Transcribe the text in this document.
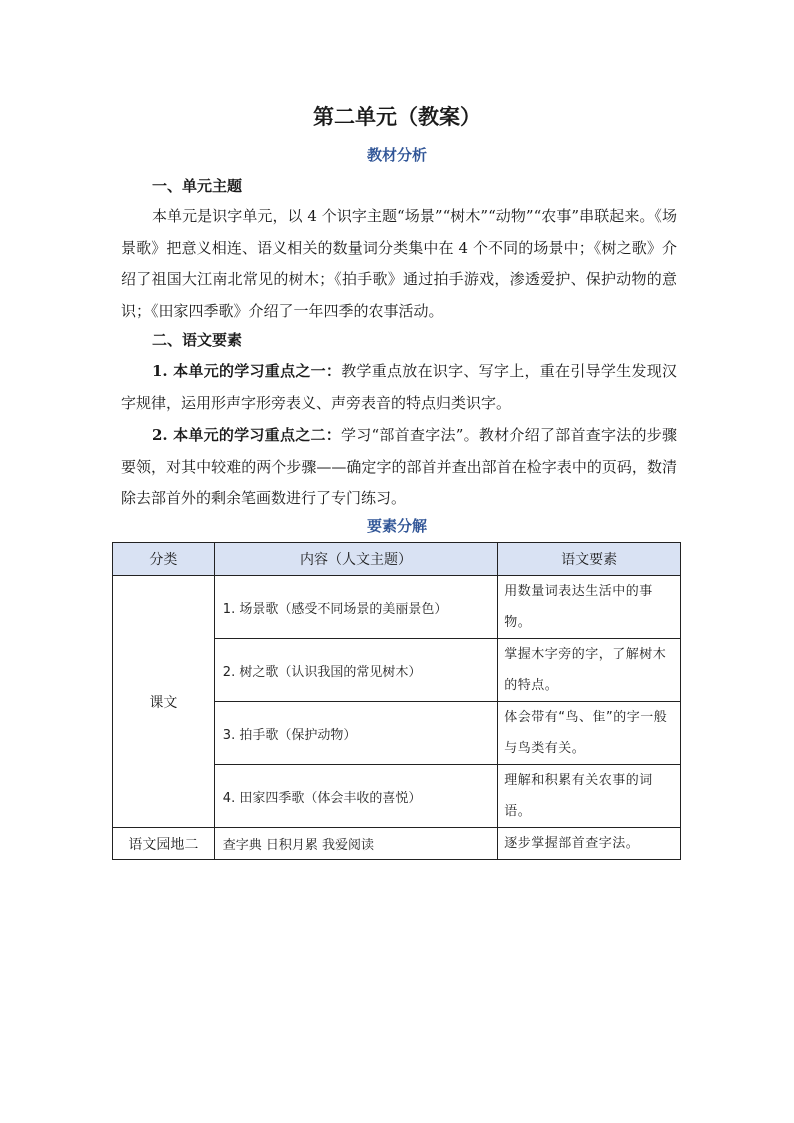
第二单元（教案）
教材分析
一、单元主题

本单元是识字单元，以 4 个识字主题“场景”“树木”“动物”“农事”串联起来。《场景歌》把意义相连、语义相关的数量词分类集中在 4 个不同的场景中；《树之歌》介绍了祖国大江南北常见的树木；《拍手歌》通过拍手游戏，渗透爱护、保护动物的意识；《田家四季歌》介绍了一年四季的农事活动。

二、语文要素

1. 本单元的学习重点之一：教学重点放在识字、写字上，重在引导学生发现汉字规律，运用形声字形旁表义、声旁表音的特点归类识字。

2. 本单元的学习重点之二：学习“部首查字法”。教材介绍了部首查字法的步骤要领，对其中较难的两个步骤——确定字的部首并查出部首在检字表中的页码，数清除去部首外的剩余笔画数进行了专门练习。

要素分解
分类	内容（人文主题）	语文要素
课文	1. 场景歌（感受不同场景的美丽景色）	用数量词表达生活中的事物。
	2. 树之歌（认识我国的常见树木）	掌握木字旁的字，了解树木的特点。
	3. 拍手歌（保护动物）	体会带有“鸟、隹”的字一般与鸟类有关。
	4. 田家四季歌（体会丰收的喜悦）	理解和积累有关农事的词语。
语文园地二	查字典 日积月累 我爱阅读	逐步掌握部首查字法。
